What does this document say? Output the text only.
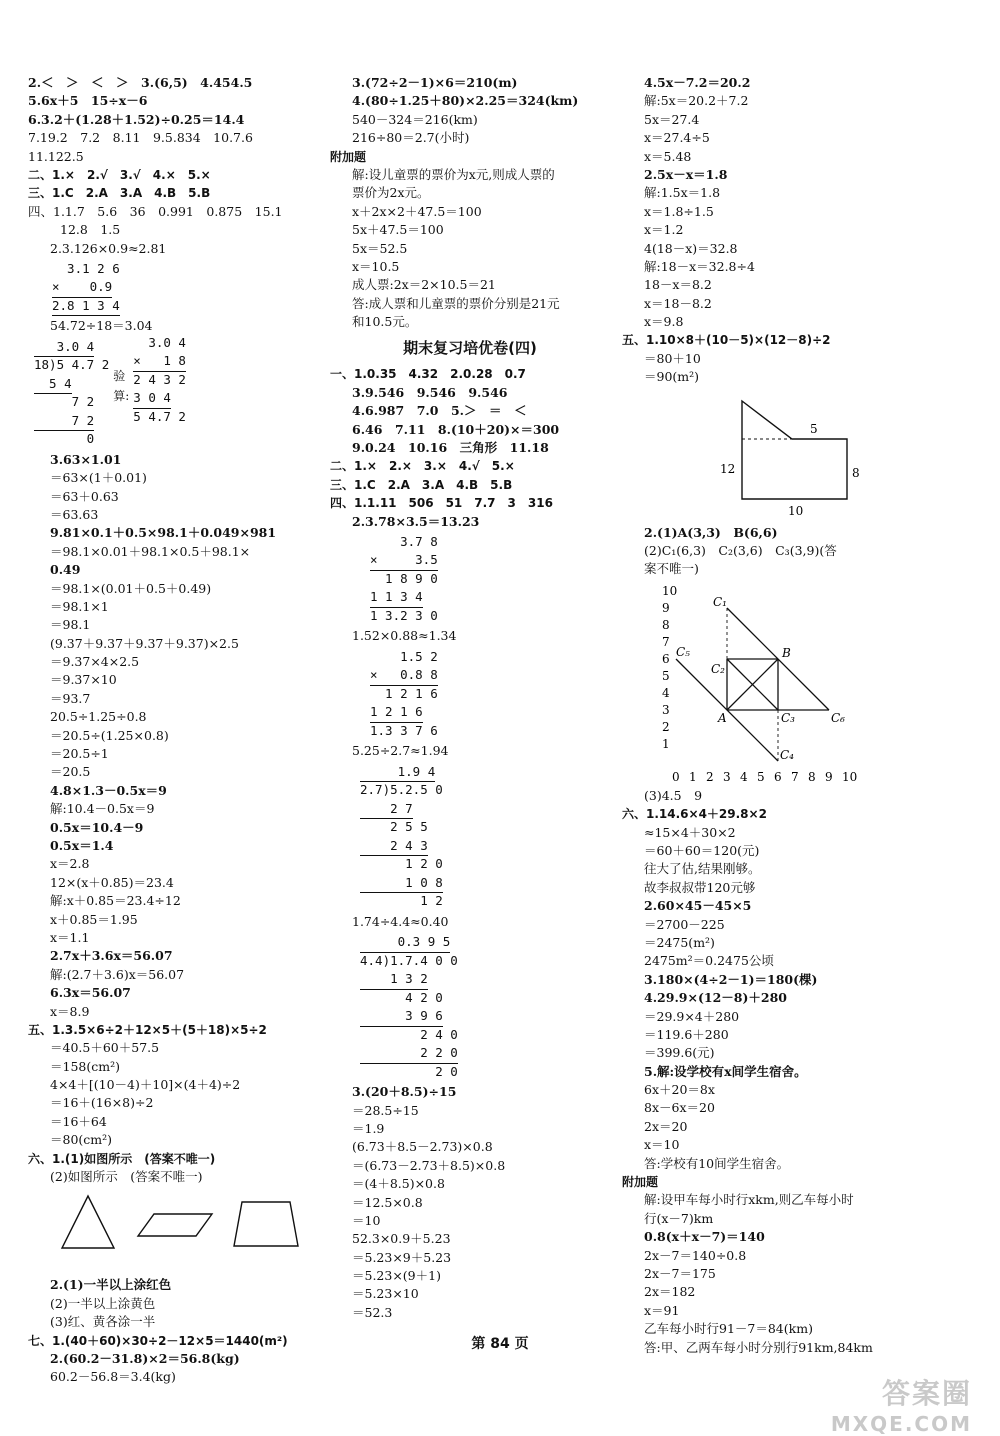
2.＜　＞　＜　＞　3.(6,5)　4.454.5
5.6x＋5　15÷x－6
6.3.2＋(1.28＋1.52)÷0.25＝14.4
7.19.2　7.2　8.11　9.5.834　10.7.6
11.122.5
二、1.×　2.√　3.√　4.×　5.×
三、1.C　2.A　3.A　4.B　5.B
四、1.1.7　5.6　36　0.991　0.875　15.1
12.8　1.5
2.3.126×0.9≈2.81
3.1 2 6
×    0.9
2.8 1 3 4
54.72÷18＝3.04
3.0 4
18)5 4.7 2
5 4
7 2
7 2
0
验算:
3.0 4
×   1 8
2 4 3 2
3 0 4
5 4.7 2
3.63×1.01
＝63×(1＋0.01)
＝63＋0.63
＝63.63
9.81×0.1＋0.5×98.1＋0.049×981
＝98.1×0.01＋98.1×0.5＋98.1×
0.49
＝98.1×(0.01＋0.5＋0.49)
＝98.1×1
＝98.1
(9.37＋9.37＋9.37＋9.37)×2.5
＝9.37×4×2.5
＝9.37×10
＝93.7
20.5÷1.25÷0.8
＝20.5÷(1.25×0.8)
＝20.5÷1
＝20.5
4.8×1.3－0.5x＝9
解:10.4－0.5x＝9
0.5x＝10.4－9
0.5x＝1.4
x＝2.8
12×(x＋0.85)＝23.4
解:x＋0.85＝23.4÷12
x＋0.85＝1.95
x＝1.1
2.7x＋3.6x＝56.07
解:(2.7＋3.6)x＝56.07
6.3x＝56.07
x＝8.9
五、1.3.5×6÷2＋12×5＋(5＋18)×5÷2
＝40.5＋60＋57.5
＝158(cm²)
4×4＋[(10－4)＋10]×(4＋4)÷2
＝16＋(16×8)÷2
＝16＋64
＝80(cm²)
六、1.(1)如图所示　(答案不唯一)
(2)如图所示　(答案不唯一)
2.(1)一半以上涂红色
(2)一半以上涂黄色
(3)红、黄各涂一半
七、1.(40＋60)×30÷2－12×5＝1440(m²)
2.(60.2－31.8)×2＝56.8(kg)
60.2－56.8＝3.4(kg)
3.(72÷2－1)×6＝210(m)
4.(80÷1.25＋80)×2.25＝324(km)
540－324＝216(km)
216÷80＝2.7(小时)
附加题
解:设儿童票的票价为x元,则成人票的
票价为2x元。
x＋2x×2＋47.5＝100
5x＋47.5＝100
5x＝52.5
x＝10.5
成人票:2x＝2×10.5＝21
答:成人票和儿童票的票价分别是21元
和10.5元。
期末复习培优卷(四)
一、1.0.35　4.32　2.0.28　0.7
3.9.546　9.546　9.546
4.6.987　7.0　5.＞　＝　＜
6.46　7.11　8.(10＋20)×＝300
9.0.24　10.16　三角形　11.18
二、1.×　2.×　3.×　4.√　5.×
三、1.C　2.A　3.A　4.B　5.B
四、1.1.11　506　51　7.7　3　316
2.3.78×3.5＝13.23
3.7 8
×     3.5
1 8 9 0
1 1 3 4
1 3.2 3 0
1.52×0.88≈1.34
1.5 2
×   0.8 8
1 2 1 6
1 2 1 6
1.3 3 7 6
5.25÷2.7≈1.94
1.9 4
2.7)5.2.5 0
2 7
2 5 5
2 4 3
1 2 0
1 0 8
1 2
1.74÷4.4≈0.40
0.3 9 5
4.4)1.7.4 0 0
1 3 2
4 2 0
3 9 6
2 4 0
2 2 0
2 0
3.(20＋8.5)÷15
＝28.5÷15
＝1.9
(6.73＋8.5－2.73)×0.8
＝(6.73－2.73＋8.5)×0.8
＝(4＋8.5)×0.8
＝12.5×0.8
＝10
52.3×0.9＋5.23
＝5.23×9＋5.23
＝5.23×(9＋1)
＝5.23×10
＝52.3
4.5x－7.2＝20.2
解:5x＝20.2＋7.2
5x＝27.4
x＝27.4÷5
x＝5.48
2.5x－x＝1.8
解:1.5x＝1.8
x＝1.8÷1.5
x＝1.2
4(18－x)＝32.8
解:18－x＝32.8÷4
18－x＝8.2
x＝18－8.2
x＝9.8
五、1.10×8＋(10－5)×(12－8)÷2
＝80＋10
＝90(m²)
5
12	8
10
2.(1)A(3,3)　B(6,6)
(2)C₁(6,3)　C₂(3,6)　C₃(3,9)(答
案不唯一)
1
2
3
4
5
6
7
8
9
10
0 1 2 3 4 5 6 7 8 9 10
A
B
C₁
C₂
C₃
C₄
C₅
C₆
(3)4.5　9
六、1.14.6×4＋29.8×2
≈15×4＋30×2
＝60＋60＝120(元)
往大了估,结果刚够。
故李叔叔带120元够
2.60×45－45×5
＝2700－225
＝2475(m²)
2475m²＝0.2475公顷
3.180×(4÷2－1)＝180(棵)
4.29.9×(12－8)＋280
＝29.9×4＋280
＝119.6＋280
＝399.6(元)
5.解:设学校有x间学生宿舍。
6x＋20＝8x
8x－6x＝20
2x＝20
x＝10
答:学校有10间学生宿舍。
附加题
解:设甲车每小时行xkm,则乙车每小时
行(x－7)km
0.8(x＋x－7)＝140
2x－7＝140÷0.8
2x－7＝175
2x＝182
x＝91
乙车每小时行91－7＝84(km)
答:甲、乙两车每小时分别行91km,84km
第 84 页
答案圈
MXQE.COM
